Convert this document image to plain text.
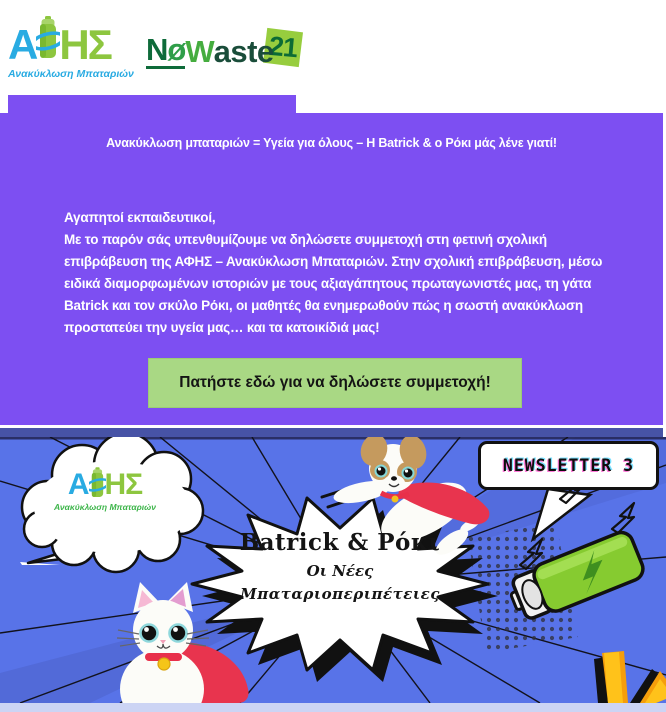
Α ΗΣ
Ανακύκλωση Μπαταριών
Nø W aste
21
Ανακύκλωση μπαταριών = Υγεία για όλους – Η Batrick & ο Ρόκι μάς λένε γιατί!
Αγαπητοί εκπαιδευτικοί,
Με το παρόν σάς υπενθυμίζουμε να δηλώσετε συμμετοχή στη φετινή σχολική επιβράβευση της ΑΦΗΣ – Ανακύκλωση Μπαταριών. Στην σχολική επιβράβευση, μέσω ειδικά διαμορφωμένων ιστοριών με τους αξιαγάπητους πρωταγωνιστές μας, τη γάτα Batrick και τον σκύλο Ρόκι, οι μαθητές θα ενημερωθούν πώς η σωστή ανακύκλωση προστατεύει την υγεία μας… και τα κατοικίδιά μας!
Πατήστε εδώ για να δηλώσετε συμμετοχή!
Α ΗΣ
Ανακύκλωση Μπαταριών
NEWSLETTER 3
Batrick & Ρόκι
Οι Νέες
Μπαταριοπεριπέτειες
